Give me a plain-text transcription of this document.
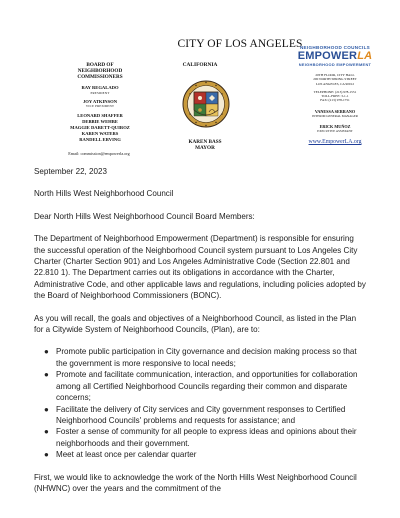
CITY OF LOS ANGELES
BOARD OF
NEIGHBORHOOD
COMMISSIONERS
RAY REGALADO
PRESIDENT
JOY ATKINSON
VICE PRESIDENT
LEONARD SHAFFER
DEBBIE WEHBE
MAGGIE DARETT-QUIROZ
KAREN WATERS
RANDELL ERVING
Email: commission@empowerla.org
CALIFORNIA
KAREN BASS
MAYOR
NEIGHBORHOOD COUNCILS
EMPOWERLA
NEIGHBORHOOD EMPOWERMENT
20TH FLOOR, CITY HALL
200 NORTH SPRING STREET
LOS ANGELES, CA 90012
TELEPHONE: (213) 978-1551
TOLL-FREE: 3-1-1
FAX: (213) 978-1751
VANESSA SERRANO
INTERIM GENERAL MANAGER
ERICK MUÑOZ
EXECUTIVE ASSISTANT
www.EmpowerLA.org

September 22, 2023

North Hills West Neighborhood Council

Dear North Hills West Neighborhood Council Board Members:

The Department of Neighborhood Empowerment (Department) is responsible for ensuring the successful operation of the Neighborhood Council system pursuant to Los Angeles City Charter (Charter Section 901) and Los Angeles Administrative Code (Section 22.801 and 22.810 1). The Department carries out its obligations in accordance with the Charter, Administrative Code, and other applicable laws and regulations, including policies adopted by the Board of Neighborhood Commissioners (BONC).

As you will recall, the goals and objectives of a Neighborhood Council, as listed in the Plan for a Citywide System of Neighborhood Councils, (Plan), are to:

● Promote public participation in City governance and decision making process so that the government is more responsive to local needs;
● Promote and facilitate communication, interaction, and opportunities for collaboration among all Certified Neighborhood Councils regarding their common and disparate concerns;
● Facilitate the delivery of City services and City government responses to Certified Neighborhood Councils' problems and requests for assistance; and
● Foster a sense of community for all people to express ideas and opinions about their neighborhoods and their government.
● Meet at least once per calendar quarter

First, we would like to acknowledge the work of the North Hills West Neighborhood Council (NHWNC) over the years and the commitment of the
